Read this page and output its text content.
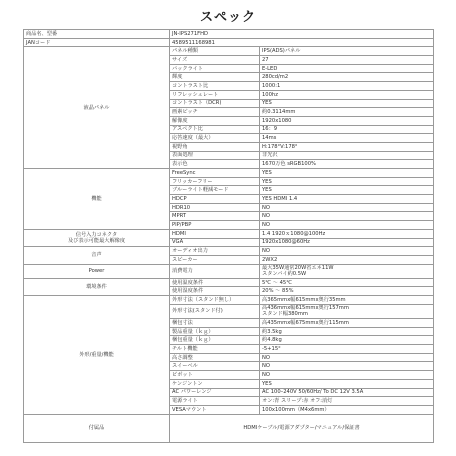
スペック
商品名、型番	JN-IPS271FHD	
JANコード	4589511168981	
液晶パネル	パネル種類	IPS(ADS)パネル
	サイズ	27
	バックライト	E-LED
	輝度	280cd/m2
	コントラスト比	1000:1
	リフレッシュレート	100hz
	コントラスト（DCR)	YES
	画素ピッチ	約0.3114mm
	解像度	1920x1080
	アスペクト比	16：9
	応答速度（最大）	14ms
	視野角	H:178°V:178°
	表面処理	非光沢
	表示色	1670万色 sRGB100%
機能	FreeSync	YES
	フリッカーフリー	YES
	ブルーライト軽減モード	YES
	HDCP	YES HDMI 1.4
	HDR10	NO
	MPRT	NO
	PIP/PBP	NO
信号入力コネクタ
及び表示可能最大解像度	HDMI	1.4 1920ｘ1080@100Hz
	VGA	1920x1080@60Hz
音声	オーディオ出力	NO
	スピーカー	2WX2
Power	消費電力	最大35W通常20W省エネ11W
スタンバイ約0.5W
環境条件	使用温度条件	5℃ ～ 45℃
	使用湿度条件	20% ～ 85%
外形/重量/機能	外形寸法（スタンド無し）	高365mmx幅615mmx奥行35mm
	外形寸法(スタンド付)	高436mmx幅615mmx奥行157mm
スタンド幅380mm
	梱包寸法	高435mmx幅675mmx奥行115mm
	製品重量（ｋｇ）	約3.5kg
	梱包重量（ｋｇ）	約4.8kg
	チルト機能	-5+15°
	高さ調整	NO
	スイーベル	NO
	ピボット	NO
	ケンジントン	YES
	AC パワーレンジ	AC 100–240V 50/60Hz/ To DC 12V 3.5A
	電源ライト	オン:青 スリープ:赤 オフ:消灯
	VESAマウント	100x100mm（M4x6mm）
付属品	HDMIケーブル/電源アダプター/マニュアル/保証書	
